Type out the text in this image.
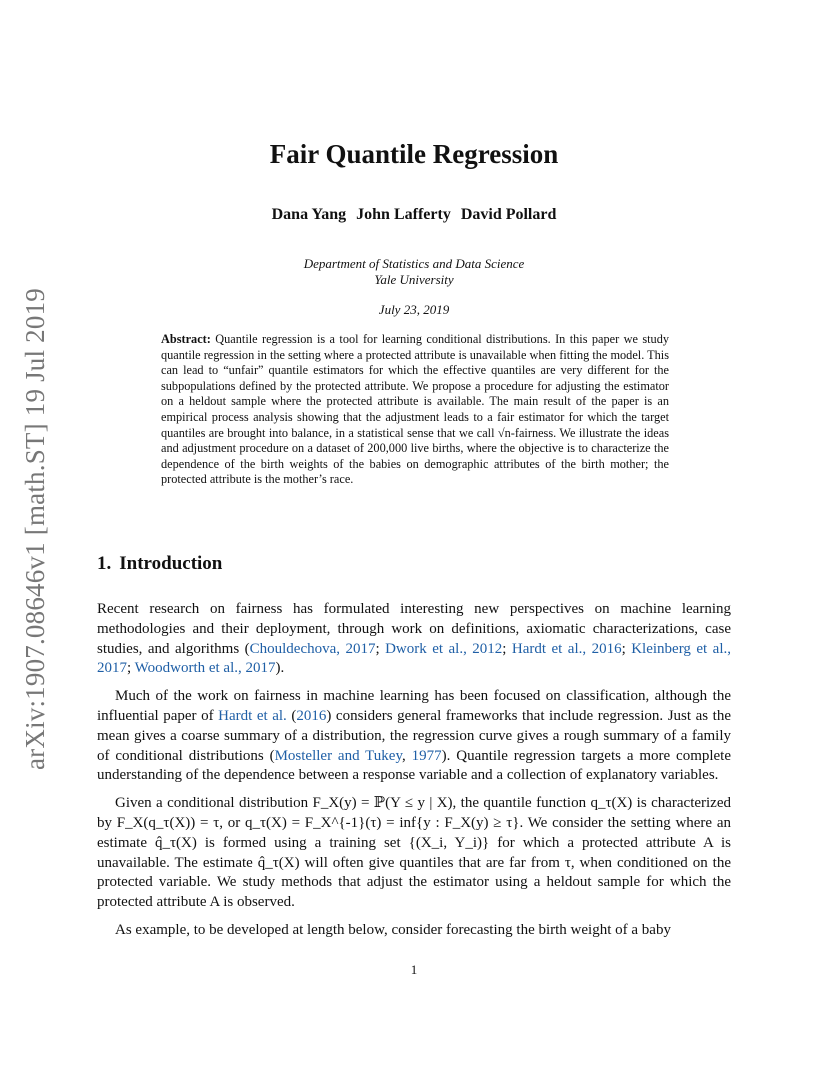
arXiv:1907.08646v1 [math.ST] 19 Jul 2019
Fair Quantile Regression
Dana Yang John Lafferty David Pollard
Department of Statistics and Data Science
Yale University
July 23, 2019

Abstract: Quantile regression is a tool for learning conditional distributions. In this paper we study quantile regression in the setting where a protected attribute is unavailable when fitting the model. This can lead to “unfair” quantile estimators for which the effective quantiles are very different for the subpopulations defined by the protected attribute. We propose a procedure for adjusting the estimator on a heldout sample where the protected attribute is available. The main result of the paper is an empirical process analysis showing that the adjustment leads to a fair estimator for which the target quantiles are brought into balance, in a statistical sense that we call √n-fairness. We illustrate the ideas and adjustment procedure on a dataset of 200,000 live births, where the objective is to characterize the dependence of the birth weights of the babies on demographic attributes of the birth mother; the protected attribute is the mother’s race.

1. Introduction

Recent research on fairness has formulated interesting new perspectives on machine learning methodologies and their deployment, through work on definitions, axiomatic characterizations, case studies, and algorithms (Chouldechova, 2017; Dwork et al., 2012; Hardt et al., 2016; Kleinberg et al., 2017; Woodworth et al., 2017).

Much of the work on fairness in machine learning has been focused on classification, although the influential paper of Hardt et al. (2016) considers general frameworks that include regression. Just as the mean gives a coarse summary of a distribution, the regression curve gives a rough summary of a family of conditional distributions (Mosteller and Tukey, 1977). Quantile regression targets a more complete understanding of the dependence between a response variable and a collection of explanatory variables.

Given a conditional distribution F_X(y) = ℙ(Y ≤ y | X), the quantile function q_τ(X) is characterized by F_X(q_τ(X)) = τ, or q_τ(X) = F_X^{-1}(τ) = inf{y : F_X(y) ≥ τ}. We consider the setting where an estimate q̂_τ(X) is formed using a training set {(X_i, Y_i)} for which a protected attribute A is unavailable. The estimate q̂_τ(X) will often give quantiles that are far from τ, when conditioned on the protected variable. We study methods that adjust the estimator using a heldout sample for which the protected attribute A is observed.

As example, to be developed at length below, consider forecasting the birth weight of a baby

1
